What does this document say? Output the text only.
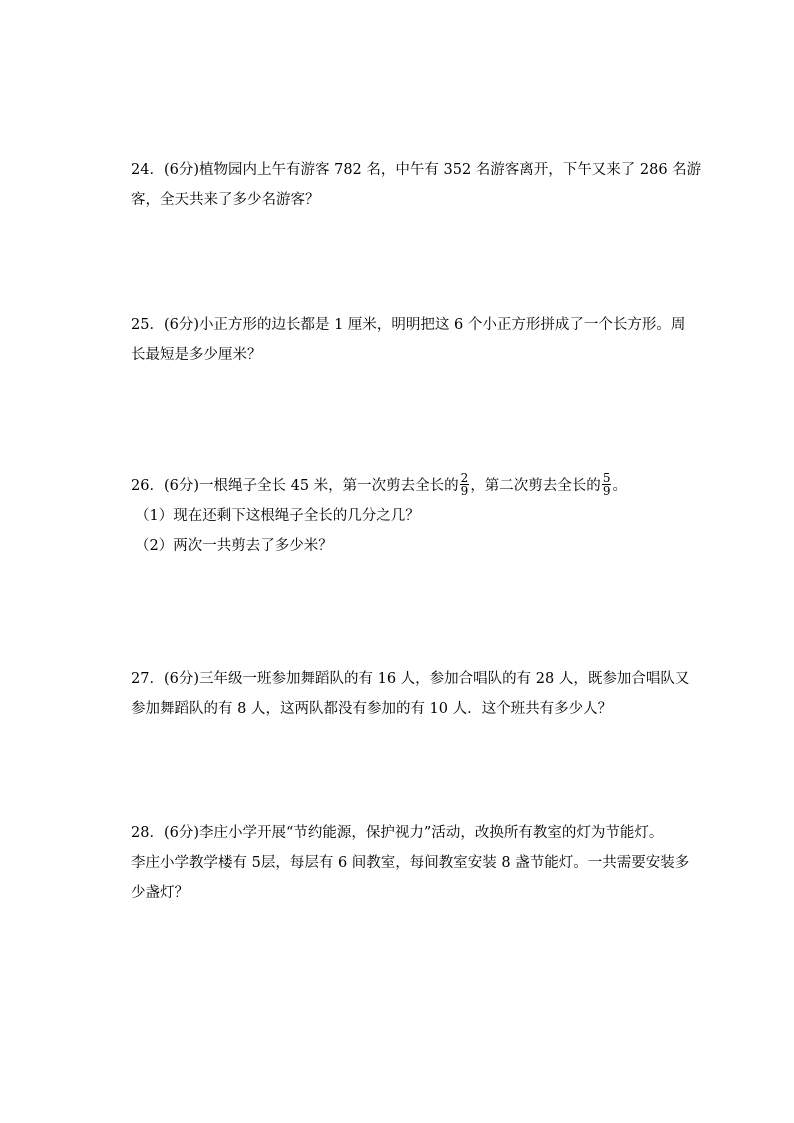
24．(6分)植物园内上午有游客 782 名，中午有 352 名游客离开，下午又来了 286 名游
客，全天共来了多少名游客？
25．(6分)小正方形的边长都是 1 厘米，明明把这 6 个小正方形拼成了一个长方形。周
长最短是多少厘米？
26．(6分)一根绳子全长 45 米，第一次剪去全长的 $\frac{2}{9}$ ，第二次剪去全长的 $\frac{5}{9}$ 。
（1）现在还剩下这根绳子全长的几分之几？
（2）两次一共剪去了多少米？
27．(6分)三年级一班参加舞蹈队的有 16 人，参加合唱队的有 28 人，既参加合唱队又
参加舞蹈队的有 8 人，这两队都没有参加的有 10 人．这个班共有多少人？
28．(6分)李庄小学开展“节约能源，保护视力”活动，改换所有教室的灯为节能灯。
李庄小学教学楼有 5层，每层有 6 间教室，每间教室安装 8 盏节能灯。一共需要安装多
少盏灯？
